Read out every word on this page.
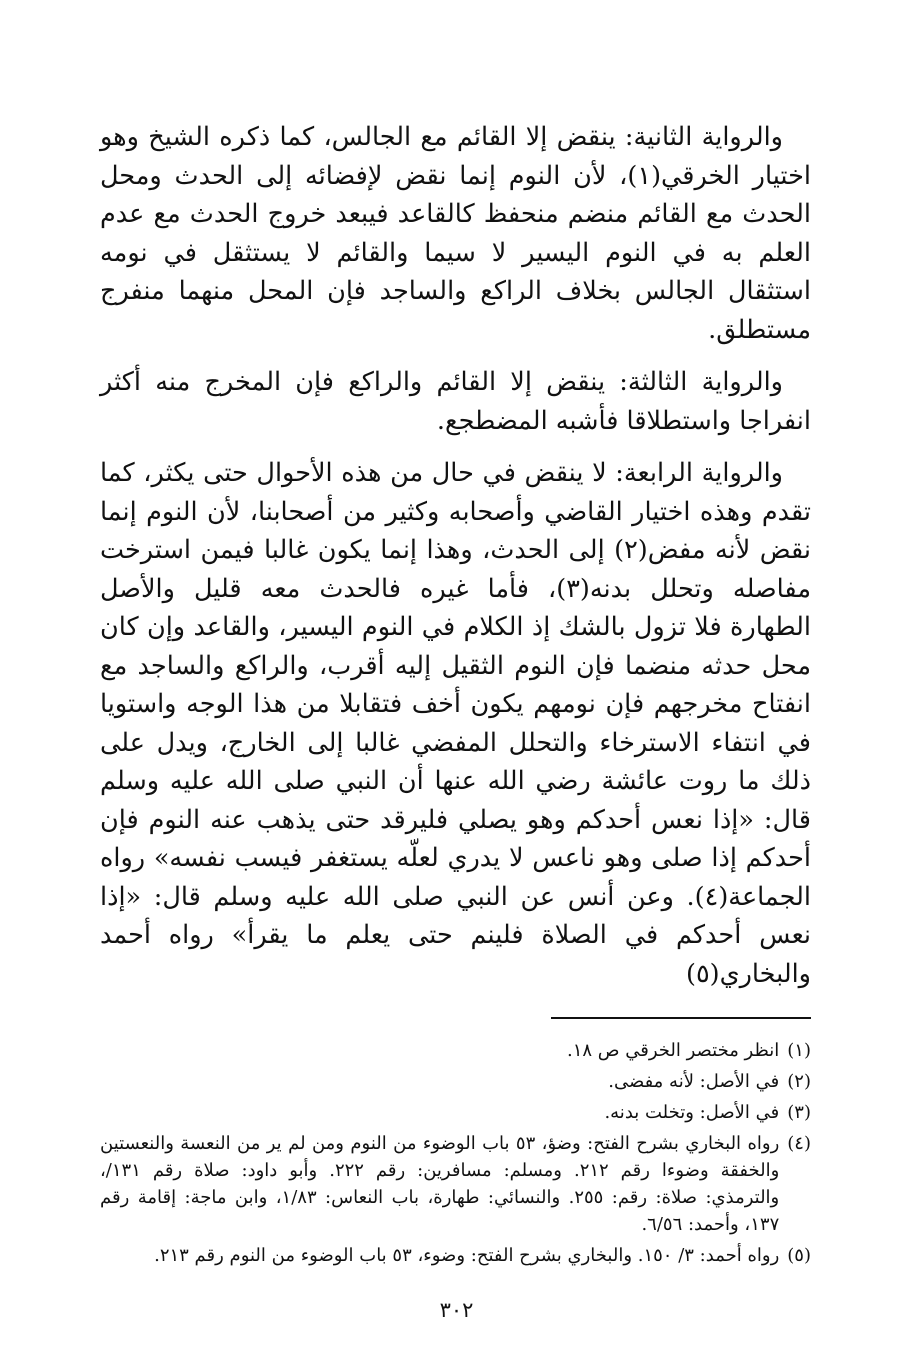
والرواية الثانية: ينقض إلا القائم مع الجالس، كما ذكره الشيخ وهو اختيار الخرقي(١)، لأن النوم إنما نقض لإفضائه إلى الحدث ومحل الحدث مع القائم منضم منحفظ كالقاعد فيبعد خروج الحدث مع عدم العلم به في النوم اليسير لا سيما والقائم لا يستثقل في نومه استثقال الجالس بخلاف الراكع والساجد فإن المحل منهما منفرج مستطلق.

والرواية الثالثة: ينقض إلا القائم والراكع فإن المخرج منه أكثر انفراجا واستطلاقا فأشبه المضطجع.

والرواية الرابعة: لا ينقض في حال من هذه الأحوال حتى يكثر، كما تقدم وهذه اختيار القاضي وأصحابه وكثير من أصحابنا، لأن النوم إنما نقض لأنه مفض(٢) إلى الحدث، وهذا إنما يكون غالبا فيمن استرخت مفاصله وتحلل بدنه(٣)، فأما غيره فالحدث معه قليل والأصل الطهارة فلا تزول بالشك إذ الكلام في النوم اليسير، والقاعد وإن كان محل حدثه منضما فإن النوم الثقيل إليه أقرب، والراكع والساجد مع انفتاح مخرجهم فإن نومهم يكون أخف فتقابلا من هذا الوجه واستويا في انتفاء الاسترخاء والتحلل المفضي غالبا إلى الخارج، ويدل على ذلك ما روت عائشة رضي الله عنها أن النبي صلى الله عليه وسلم قال: «إذا نعس أحدكم وهو يصلي فليرقد حتى يذهب عنه النوم فإن أحدكم إذا صلى وهو ناعس لا يدري لعلّه يستغفر فيسب نفسه» رواه الجماعة(٤). وعن أنس عن النبي صلى الله عليه وسلم قال: «إذا نعس أحدكم في الصلاة فلينم حتى يعلم ما يقرأ» رواه أحمد والبخاري(٥)

(١)
انظر مختصر الخرقي ص ١٨.
(٢)
في الأصل: لأنه مفضى.
(٣)
في الأصل: وتخلت بدنه.
(٤)
رواه البخاري بشرح الفتح: وضؤ، ٥٣ باب الوضوء من النوم ومن لم ير من النعسة والنعستين والخفقة وضوءا رقم ٢١٢. ومسلم: مسافرين: رقم ٢٢٢. وأبو داود: صلاة رقم ١٣١/، والترمذي: صلاة: رقم: ٢٥٥. والنسائي: طهارة، باب النعاس: ١/٨٣، وابن ماجة: إقامة رقم ١٣٧، وأحمد: ٦/٥٦.
(٥)
رواه أحمد: ٣/ ١٥٠. والبخاري بشرح الفتح: وضوء، ٥٣ باب الوضوء من النوم رقم ٢١٣.
٣٠٢
